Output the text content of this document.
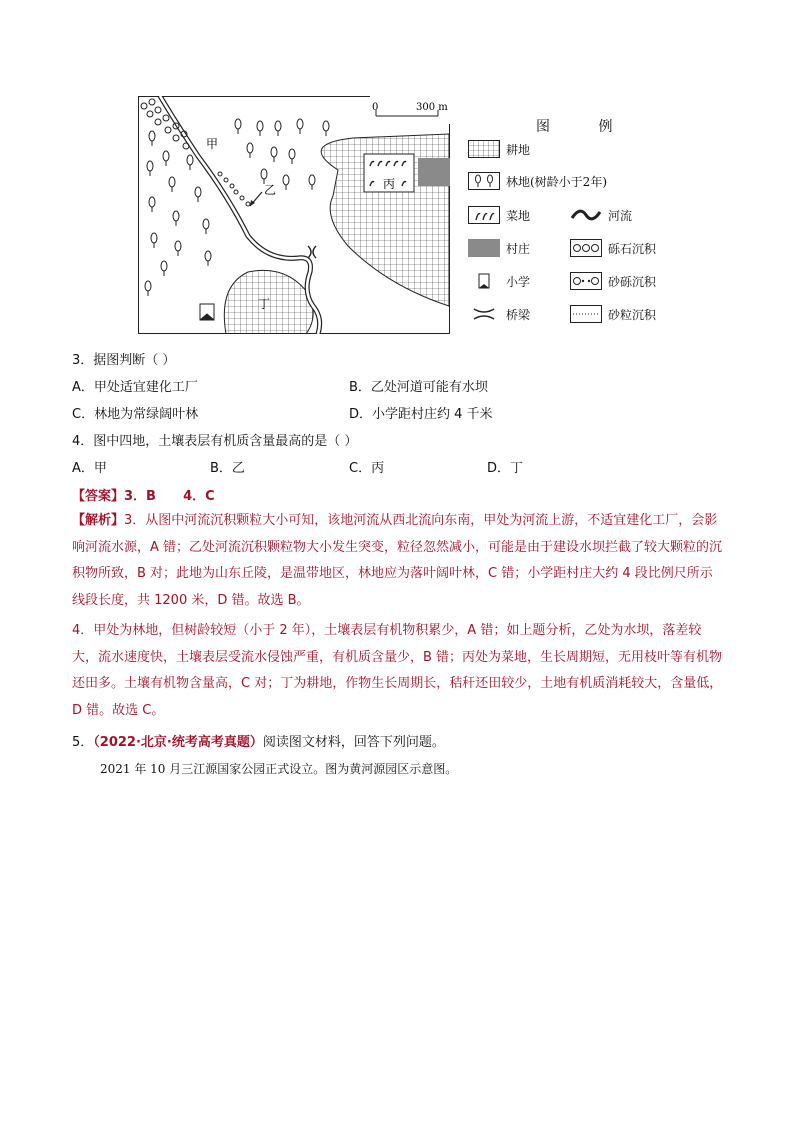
丙
乙
甲
丁
0	300 m
图 例
耕地
林地(树龄小于2年)
菜地	河流
村庄	砾石沉积
小学	砂砾沉积
桥梁	砂粒沉积
3．据图判断（ ）
A．甲处适宜建化工厂	B．乙处河道可能有水坝
C．林地为常绿阔叶林	D．小学距村庄约 4 千米
4．图中四地，土壤表层有机质含量最高的是（ ）
A．甲	B．乙	C．丙	D．丁
【答案】3．B      4．C
【解析】3．从图中河流沉积颗粒大小可知，该地河流从西北流向东南，甲处为河流上游，不适宜建化工厂，会影响河流水源，A 错；乙处河流沉积颗粒物大小发生突变，粒径忽然减小，可能是由于建设水坝拦截了较大颗粒的沉积物所致，B 对；此地为山东丘陵，是温带地区，林地应为落叶阔叶林，C 错；小学距村庄大约 4 段比例尺所示线段长度，共 1200 米，D 错。故选 B。
4．甲处为林地，但树龄较短（小于 2 年），土壤表层有机物积累少，A 错；如上题分析，乙处为水坝，落差较大，流水速度快，土壤表层受流水侵蚀严重，有机质含量少，B 错；丙处为菜地，生长周期短，无用枝叶等有机物还田多。土壤有机物含量高，C 对；丁为耕地，作物生长周期长，秸秆还田较少，土地有机质消耗较大，含量低，D 错。故选 C。
5．（2022·北京·统考高考真题）阅读图文材料，回答下列问题。
2021 年 10 月三江源国家公园正式设立。图为黄河源园区示意图。
